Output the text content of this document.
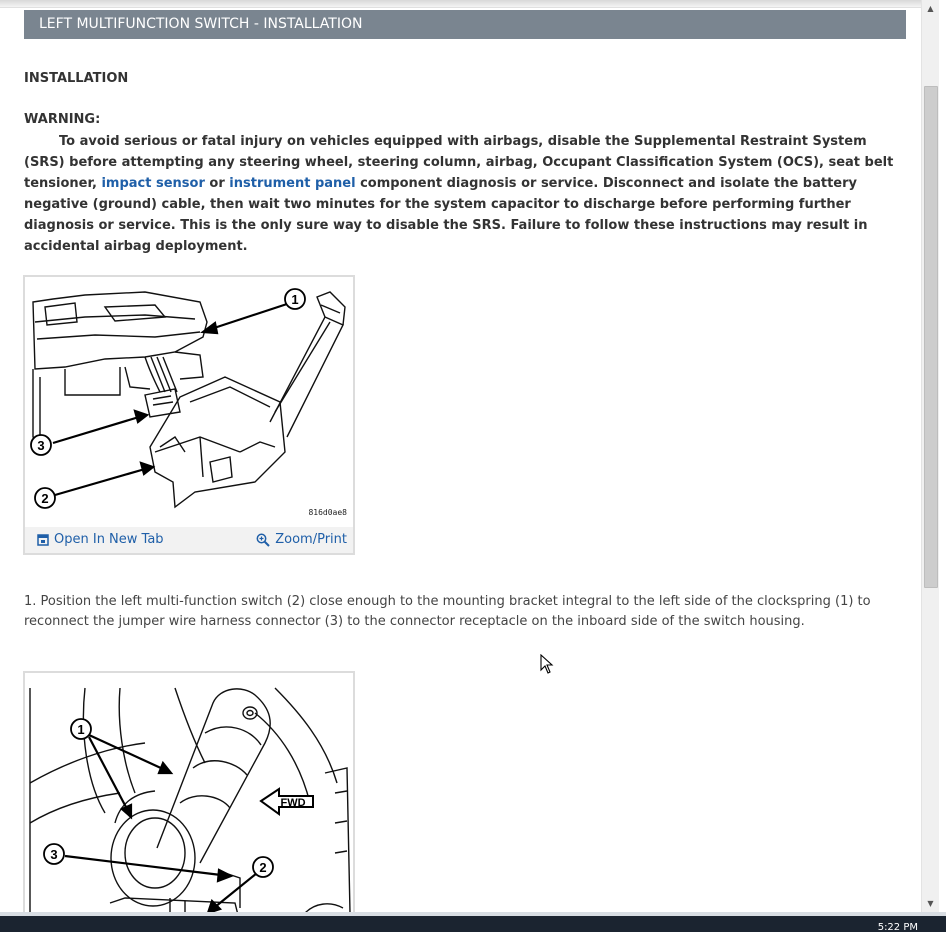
LEFT MULTIFUNCTION SWITCH - INSTALLATION
INSTALLATION
WARNING:
To avoid serious or fatal injury on vehicles equipped with airbags, disable the Supplemental Restraint System (SRS) before attempting any steering wheel, steering column, airbag, Occupant Classification System (OCS), seat belt tensioner, impact sensor or instrument panel component diagnosis or service. Disconnect and isolate the battery negative (ground) cable, then wait two minutes for the system capacitor to discharge before performing further diagnosis or service. This is the only sure way to disable the SRS. Failure to follow these instructions may result in accidental airbag deployment.
1
3
2
816d0ae8
Open In New Tab	Zoom/Print
1. Position the left multi-function switch (2) close enough to the mounting bracket integral to the left side of the clockspring (1) to reconnect the jumper wire harness connector (3) to the connector receptacle on the inboard side of the switch housing.
FWD
1
3
2
▲
▼
5:22 PM
